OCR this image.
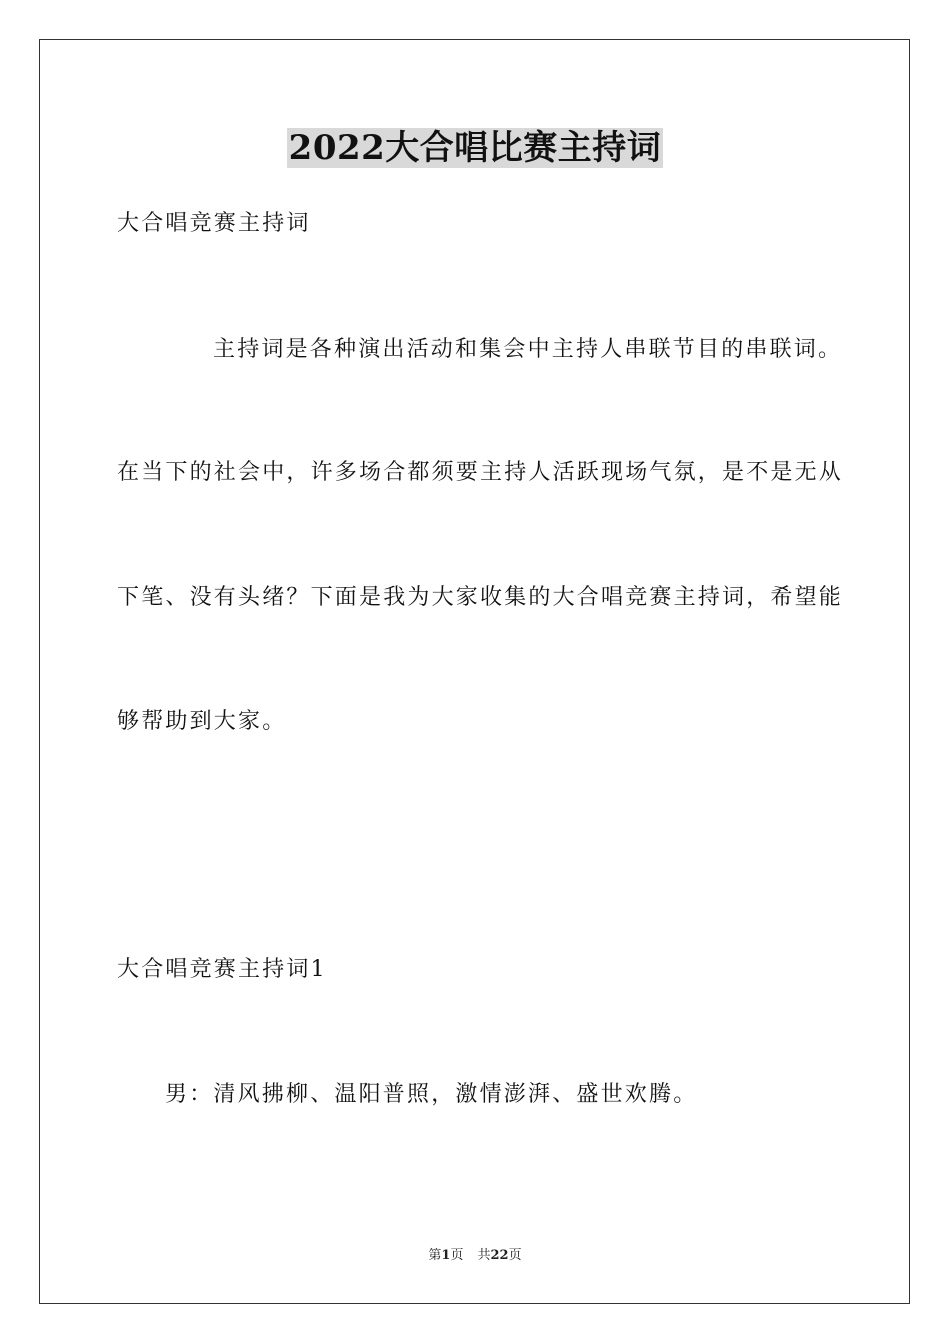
2022大合唱比赛主持词
大合唱竞赛主持词
主持词是各种演出活动和集会中主持人串联节目的串联词。
在当下的社会中，许多场合都须要主持人活跃现场气氛，是不是无从
下笔、没有头绪？下面是我为大家收集的大合唱竞赛主持词，希望能
够帮助到大家。
大合唱竞赛主持词1
男：清风拂柳、温阳普照，激情澎湃、盛世欢腾。
第1页 共22页
